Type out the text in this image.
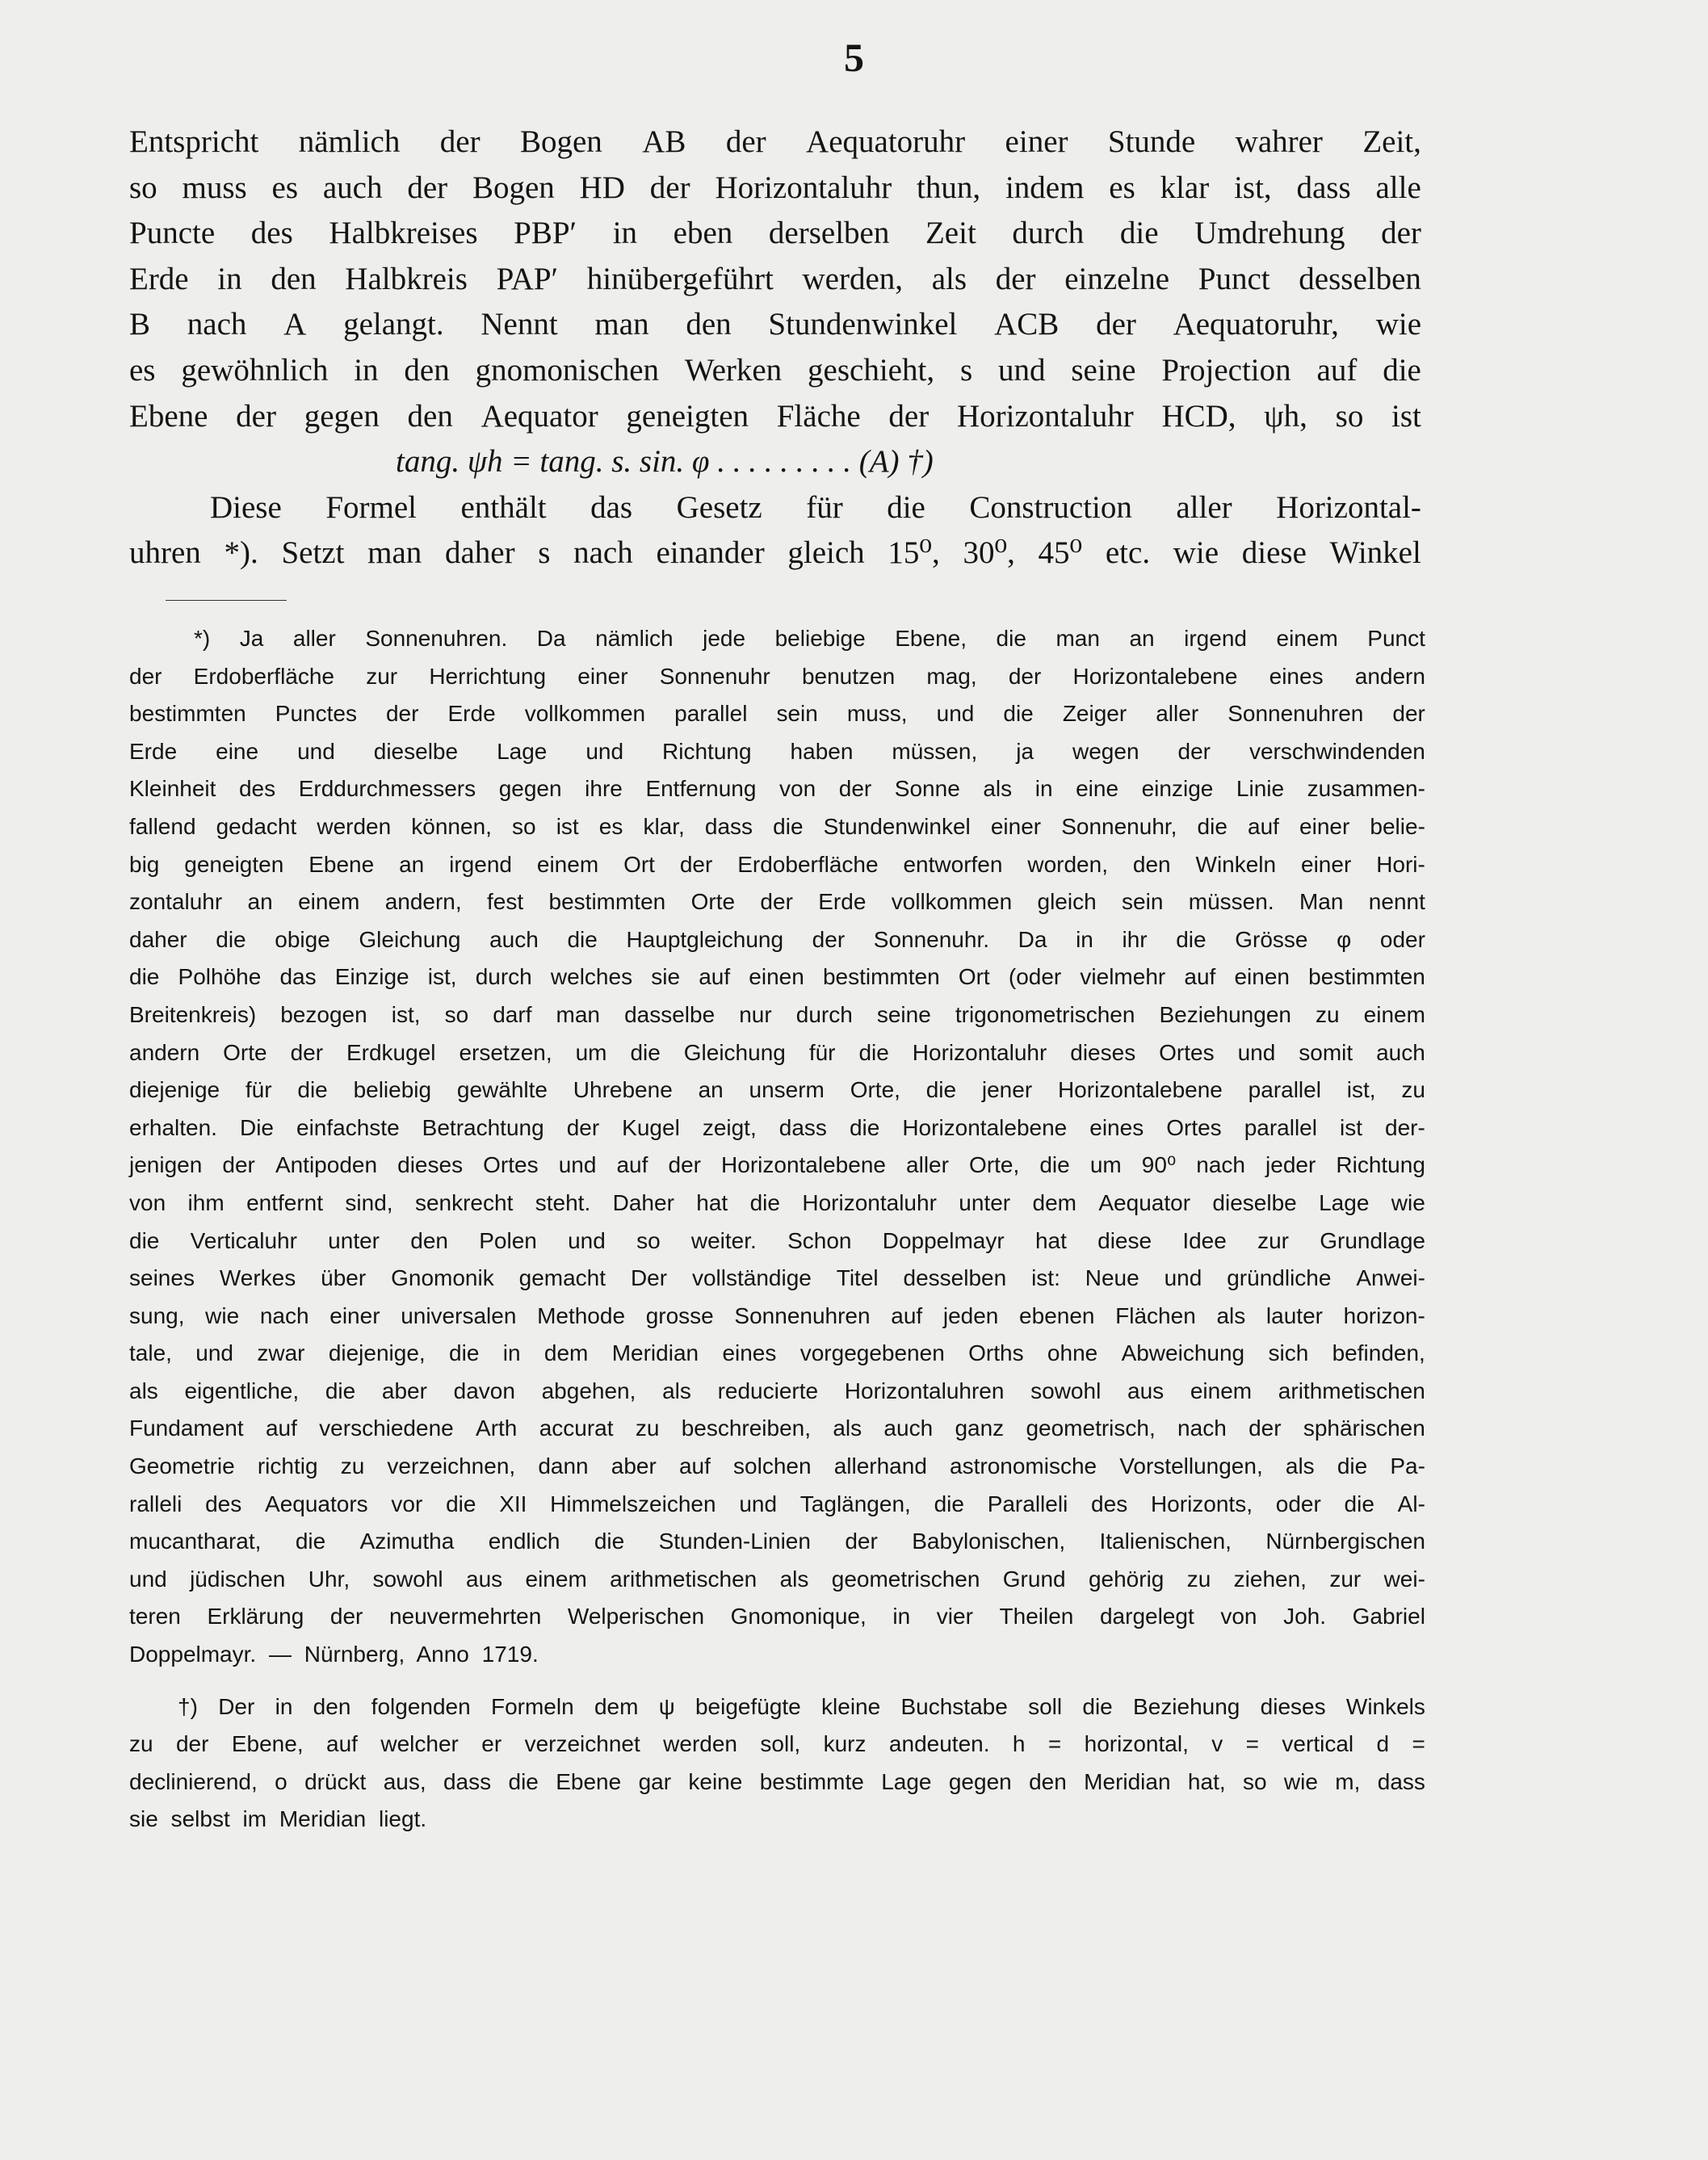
5
Entspricht nämlich der Bogen AB der Aequatoruhr einer Stunde wahrer Zeit,
so muss es auch der Bogen HD der Horizontaluhr thun, indem es klar ist, dass alle
Puncte des Halbkreises PBP′ in eben derselben Zeit durch die Umdrehung der
Erde in den Halbkreis PAP′ hinübergeführt werden, als der einzelne Punct desselben
B nach A gelangt. Nennt man den Stundenwinkel ACB der Aequatoruhr, wie
es gewöhnlich in den gnomonischen Werken geschieht, s und seine Projection auf die
Ebene der gegen den Aequator geneigten Fläche der Horizontaluhr HCD, ψh, so ist
tang. ψh = tang. s. sin. φ . . . . . . . . . (A) †)
Diese Formel enthält das Gesetz für die Construction aller Horizontal-
uhren *). Setzt man daher s nach einander gleich 15⁰, 30⁰, 45⁰ etc. wie diese Winkel
*) Ja aller Sonnenuhren. Da nämlich jede beliebige Ebene, die man an irgend einem Punct
der Erdoberfläche zur Herrichtung einer Sonnenuhr benutzen mag, der Horizontalebene eines andern
bestimmten Punctes der Erde vollkommen parallel sein muss, und die Zeiger aller Sonnenuhren der
Erde eine und dieselbe Lage und Richtung haben müssen, ja wegen der verschwindenden
Kleinheit des Erddurchmessers gegen ihre Entfernung von der Sonne als in eine einzige Linie zusammen-
fallend gedacht werden können, so ist es klar, dass die Stundenwinkel einer Sonnenuhr, die auf einer belie-
big geneigten Ebene an irgend einem Ort der Erdoberfläche entworfen worden, den Winkeln einer Hori-
zontaluhr an einem andern, fest bestimmten Orte der Erde vollkommen gleich sein müssen. Man nennt
daher die obige Gleichung auch die Hauptgleichung der Sonnenuhr. Da in ihr die Grösse φ oder
die Polhöhe das Einzige ist, durch welches sie auf einen bestimmten Ort (oder vielmehr auf einen bestimmten
Breitenkreis) bezogen ist, so darf man dasselbe nur durch seine trigonometrischen Beziehungen zu einem
andern Orte der Erdkugel ersetzen, um die Gleichung für die Horizontaluhr dieses Ortes und somit auch
diejenige für die beliebig gewählte Uhrebene an unserm Orte, die jener Horizontalebene parallel ist, zu
erhalten. Die einfachste Betrachtung der Kugel zeigt, dass die Horizontalebene eines Ortes parallel ist der-
jenigen der Antipoden dieses Ortes und auf der Horizontalebene aller Orte, die um 90⁰ nach jeder Richtung
von ihm entfernt sind, senkrecht steht. Daher hat die Horizontaluhr unter dem Aequator dieselbe Lage wie
die Verticaluhr unter den Polen und so weiter. Schon Doppelmayr hat diese Idee zur Grundlage
seines Werkes über Gnomonik gemacht Der vollständige Titel desselben ist: Neue und gründliche Anwei-
sung, wie nach einer universalen Methode grosse Sonnenuhren auf jeden ebenen Flächen als lauter horizon-
tale, und zwar diejenige, die in dem Meridian eines vorgegebenen Orths ohne Abweichung sich befinden,
als eigentliche, die aber davon abgehen, als reducierte Horizontaluhren sowohl aus einem arithmetischen
Fundament auf verschiedene Arth accurat zu beschreiben, als auch ganz geometrisch, nach der sphärischen
Geometrie richtig zu verzeichnen, dann aber auf solchen allerhand astronomische Vorstellungen, als die Pa-
ralleli des Aequators vor die XII Himmelszeichen und Taglängen, die Paralleli des Horizonts, oder die Al-
mucantharat, die Azimutha endlich die Stunden-Linien der Babylonischen, Italienischen, Nürnbergischen
und jüdischen Uhr, sowohl aus einem arithmetischen als geometrischen Grund gehörig zu ziehen, zur wei-
teren Erklärung der neuvermehrten Welperischen Gnomonique, in vier Theilen dargelegt von Joh. Gabriel
Doppelmayr. — Nürnberg, Anno 1719.
†) Der in den folgenden Formeln dem ψ beigefügte kleine Buchstabe soll die Beziehung dieses Winkels
zu der Ebene, auf welcher er verzeichnet werden soll, kurz andeuten. h = horizontal, v = vertical d =
declinierend, o drückt aus, dass die Ebene gar keine bestimmte Lage gegen den Meridian hat, so wie m, dass
sie selbst im Meridian liegt.
